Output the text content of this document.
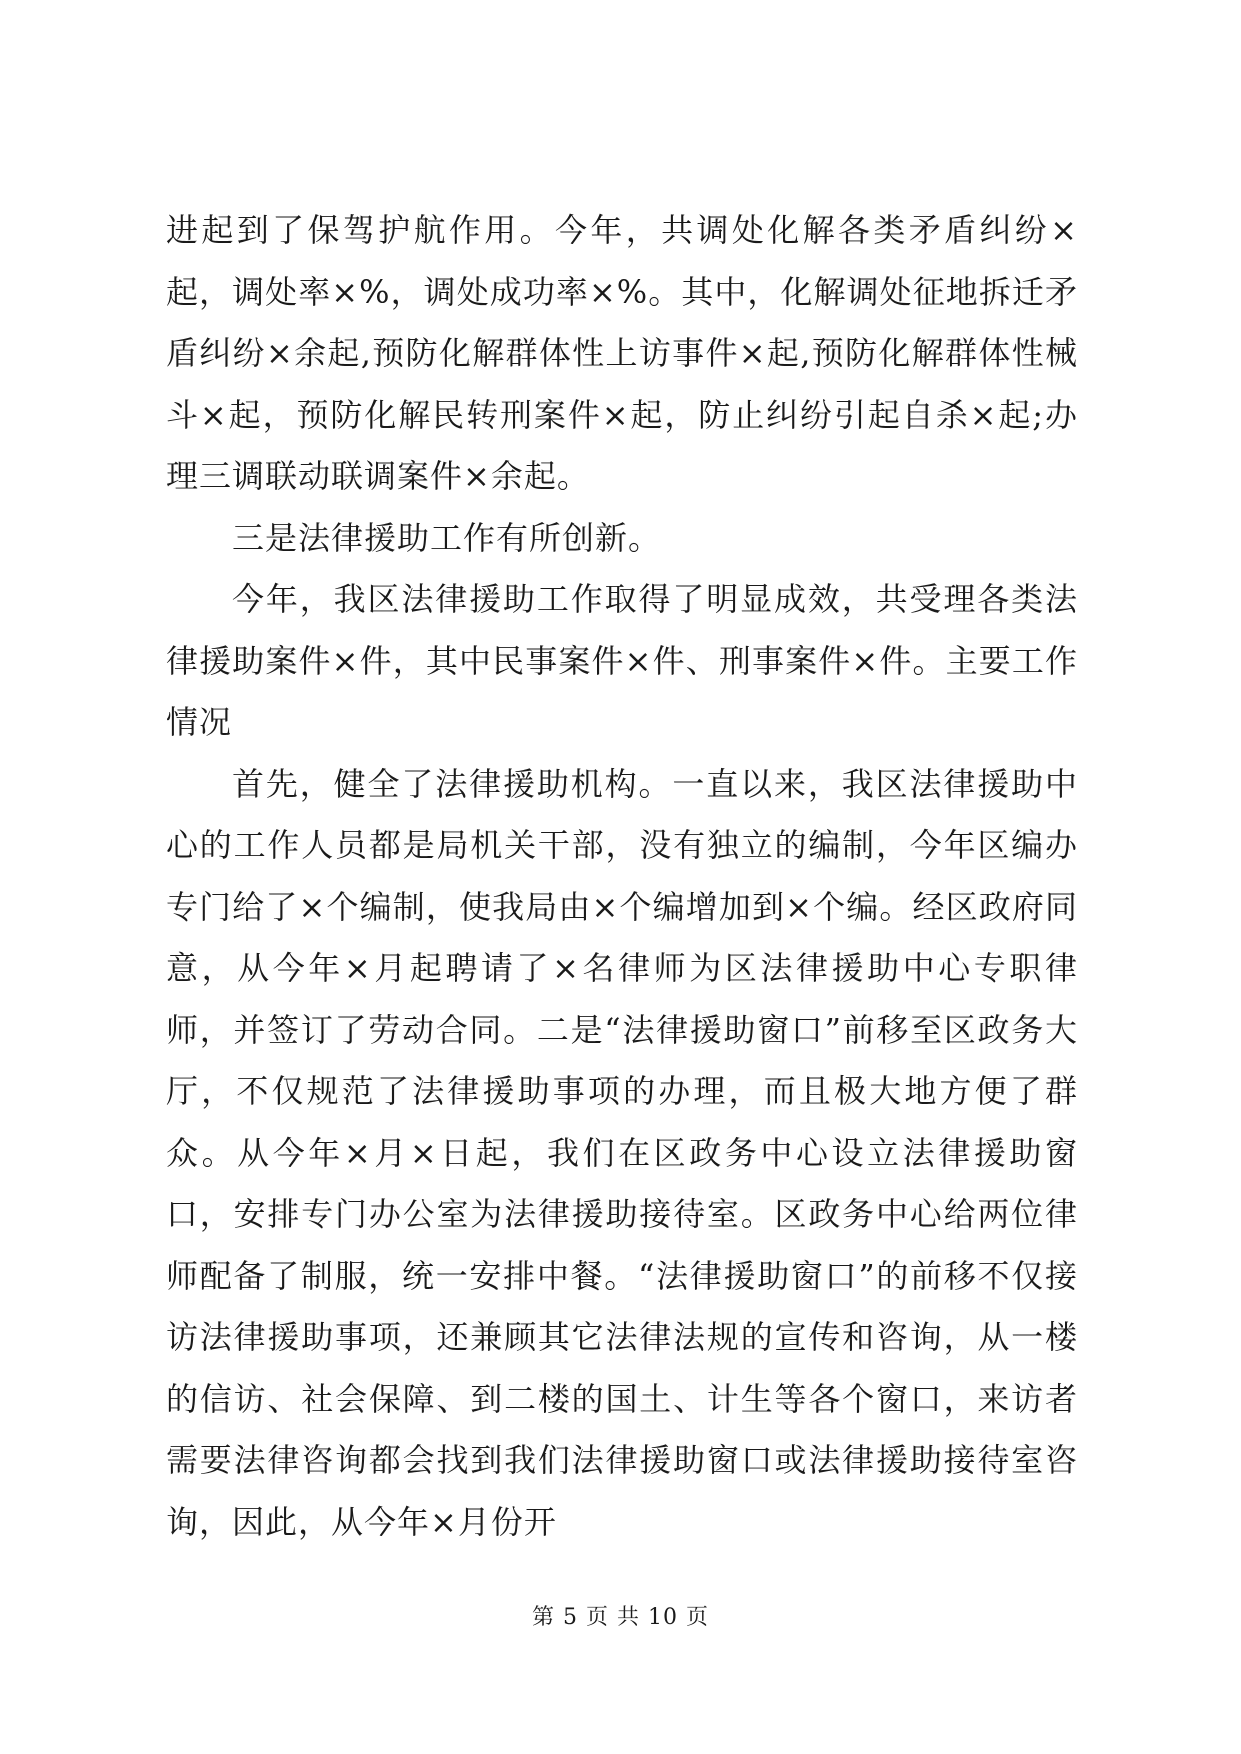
进起到了保驾护航作用。今年，共调处化解各类矛盾纠纷×起，调处率×%，调处成功率×%。其中，化解调处征地拆迁矛盾纠纷×余起,预防化解群体性上访事件×起,预防化解群体性械斗×起，预防化解民转刑案件×起，防止纠纷引起自杀×起;办理三调联动联调案件×余起。

三是法律援助工作有所创新。

今年，我区法律援助工作取得了明显成效，共受理各类法律援助案件×件，其中民事案件×件、刑事案件×件。主要工作情况

首先，健全了法律援助机构。一直以来，我区法律援助中心的工作人员都是局机关干部，没有独立的编制，今年区编办专门给了×个编制，使我局由×个编增加到×个编。经区政府同意，从今年×月起聘请了×名律师为区法律援助中心专职律师，并签订了劳动合同。二是“法律援助窗口”前移至区政务大厅，不仅规范了法律援助事项的办理，而且极大地方便了群众。从今年×月×日起，我们在区政务中心设立法律援助窗口，安排专门办公室为法律援助接待室。区政务中心给两位律师配备了制服，统一安排中餐。“法律援助窗口”的前移不仅接访法律援助事项，还兼顾其它法律法规的宣传和咨询，从一楼的信访、社会保障、到二楼的国土、计生等各个窗口，来访者需要法律咨询都会找到我们法律援助窗口或法律援助接待室咨询，因此，从今年×月份开

第 5 页 共 10 页
